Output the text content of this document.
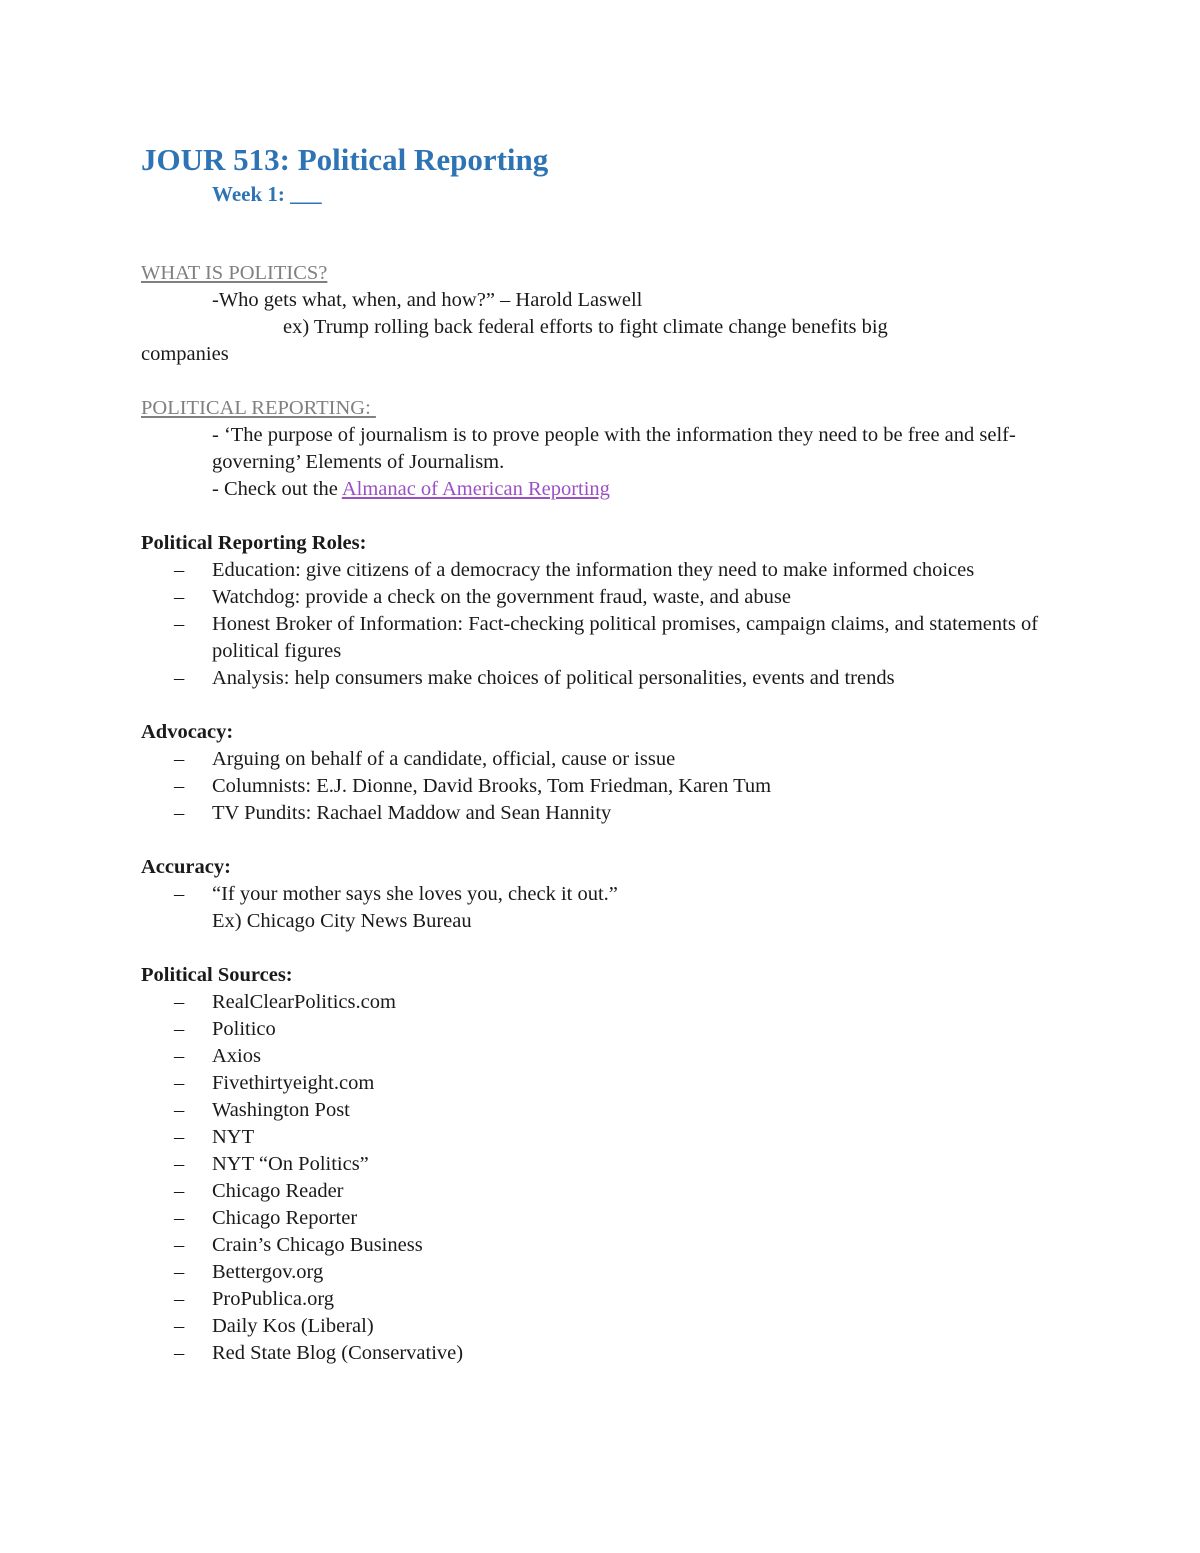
JOUR 513: Political Reporting
Week 1: ___

WHAT IS POLITICS?

-Who gets what, when, and how?” – Harold Laswell

ex) Trump rolling back federal efforts to fight climate change benefits big

companies

POLITICAL REPORTING:

- ‘The purpose of journalism is to prove people with the information they need to be free and self-governing’ Elements of Journalism.

- Check out the Almanac of American Reporting

Political Reporting Roles:

– Education: give citizens of a democracy the information they need to make informed choices
– Watchdog: provide a check on the government fraud, waste, and abuse
– Honest Broker of Information: Fact-checking political promises, campaign claims, and statements of political figures
– Analysis: help consumers make choices of political personalities, events and trends

Advocacy:

– Arguing on behalf of a candidate, official, cause or issue
– Columnists: E.J. Dionne, David Brooks, Tom Friedman, Karen Tum
– TV Pundits: Rachael Maddow and Sean Hannity

Accuracy:

– “If your mother says she loves you, check it out.”

Ex) Chicago City News Bureau

Political Sources:

– RealClearPolitics.com
– Politico
– Axios
– Fivethirtyeight.com
– Washington Post
– NYT
– NYT “On Politics”
– Chicago Reader
– Chicago Reporter
– Crain’s Chicago Business
– Bettergov.org
– ProPublica.org
– Daily Kos (Liberal)
– Red State Blog (Conservative)
